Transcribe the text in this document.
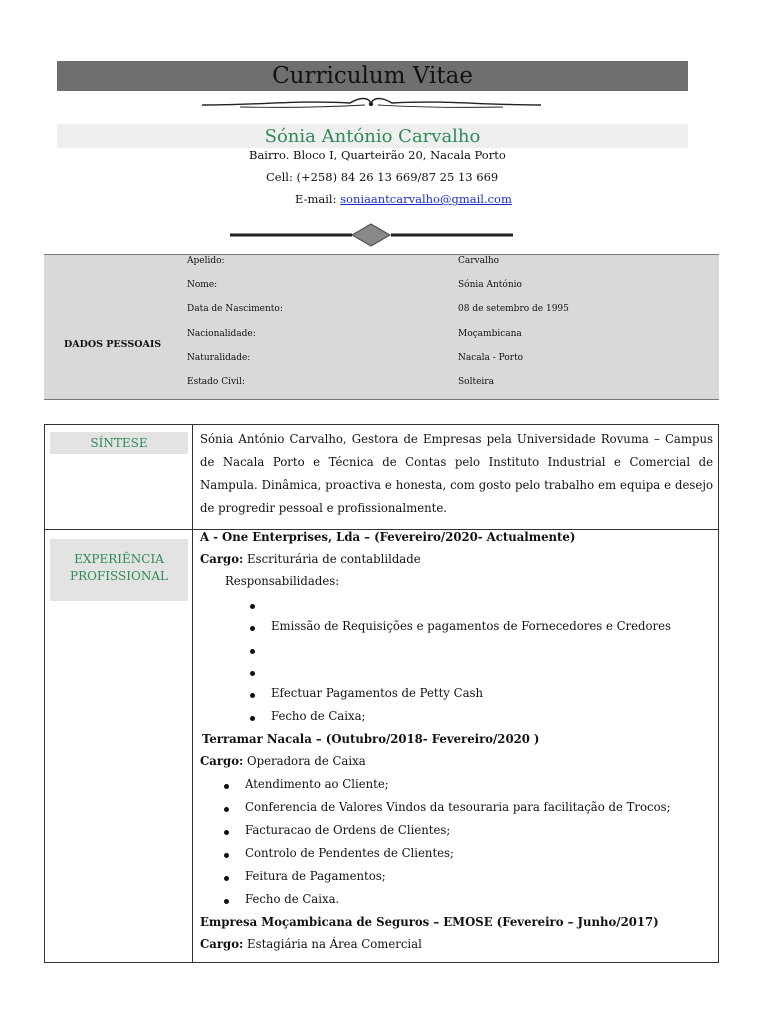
Curriculum Vitae
Sónia António Carvalho
Bairro. Bloco I, Quarteirão 20, Nacala Porto
Cell: (+258) 84 26 13 669/87 25 13 669
E-mail: soniaantcarvalho@gmail.com
DADOS PESSOAIS
Apelido:	Carvalho
Nome:	Sónia António
Data de Nascimento:	08 de setembro de 1995
Nacionalidade:	Moçambicana
Naturalidade:	Nacala - Porto
Estado Civil:	Solteira
SÍNTESE	Sónia António Carvalho, Gestora de Empresas pela Universidade Rovuma – Campus de Nacala Porto e Técnica de Contas pelo Instituto Industrial e Comercial de Nampula. Dinâmica, proactiva e honesta, com gosto pelo trabalho em equipa e desejo de progredir pessoal e profissionalmente.
EXPERIÊNCIA
PROFISSIONAL
A - One Enterprises, Lda – (Fevereiro/2020- Actualmente)
Cargo: Escriturária de contablildade
Responsabilidades:
Emissão de Requisições e pagamentos de Fornecedores e Credores
Efectuar Pagamentos de Petty Cash
Fecho de Caixa;
Terramar Nacala – (Outubro/2018- Fevereiro/2020 )
Cargo: Operadora de Caixa
Atendimento ao Cliente;
Conferencia de Valores Vindos da tesouraria para facilitação de Trocos;
Facturacao de Ordens de Clientes;
Controlo de Pendentes de Clientes;
Feitura de Pagamentos;
Fecho de Caixa.
Empresa Moçambicana de Seguros – EMOSE (Fevereiro – Junho/2017)
Cargo: Estagiária na Área Comercial
